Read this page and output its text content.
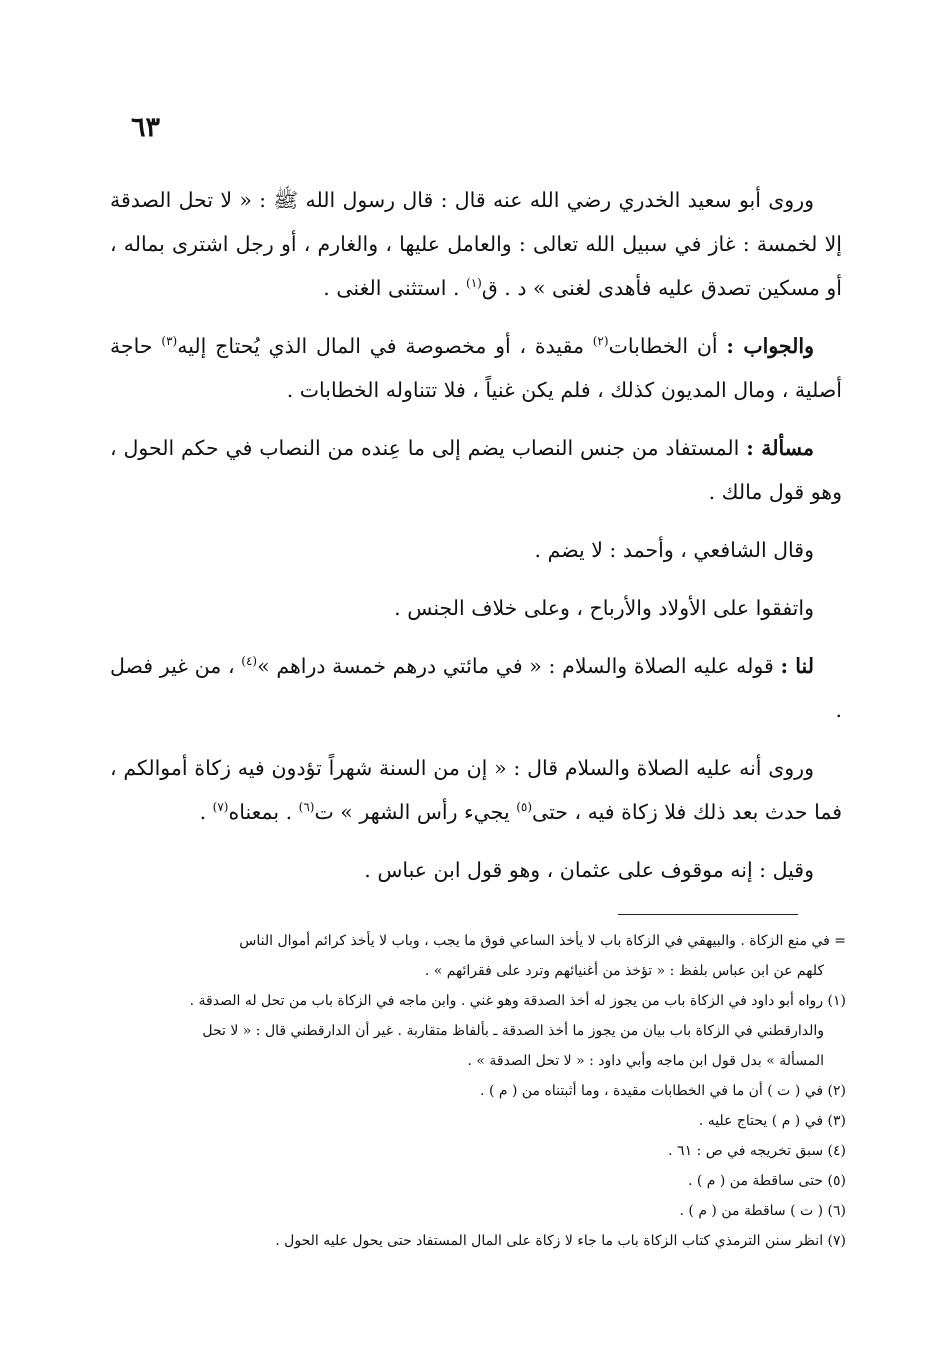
٦٣

وروى أبو سعيد الخدري رضي الله عنه قال : قال رسول الله ﷺ : « لا تحل الصدقة إلا لخمسة : غاز في سبيل الله تعالى : والعامل عليها ، والغارم ، أو رجل اشترى بماله ، أو مسكين تصدق عليه فأهدى لغنى » د . ق$^{(١)}$ . استثنى الغنى .

والجواب : أن الخطابات$^{(٢)}$ مقيدة ، أو مخصوصة في المال الذي يُحتاج إليه$^{(٣)}$ حاجة أصلية ، ومال المديون كذلك ، فلم يكن غنياً ، فلا تتناوله الخطابات .

مسألة : المستفاد من جنس النصاب يضم إلى ما عِنده من النصاب في حكم الحول ، وهو قول مالك .

وقال الشافعي ، وأحمد : لا يضم .

واتفقوا على الأولاد والأرباح ، وعلى خلاف الجنس .

لنا : قوله عليه الصلاة والسلام : « في مائتي درهم خمسة دراهم »$^{(٤)}$ ، من غير فصل .

وروى أنه عليه الصلاة والسلام قال : « إن من السنة شهراً تؤدون فيه زكاة أموالكم ، فما حدث بعد ذلك فلا زكاة فيه ، حتى$^{(٥)}$ يجيء رأس الشهر » ت$^{(٦)}$ . بمعناه$^{(٧)}$ .

وقيل : إنه موقوف على عثمان ، وهو قول ابن عباس .

= في منع الزكاة . والبيهقي في الزكاة باب لا يأخذ الساعي فوق ما يجب ، وباب لا يأخذ كرائم أموال الناس

كلهم عن ابن عباس بلفظ : « تؤخذ من أغنيائهم وترد على فقرائهم » .

(١) رواه أبو داود في الزكاة باب من يجوز له أخذ الصدقة وهو غني . وابن ماجه في الزكاة باب من تحل له الصدقة .

والدارقطني في الزكاة باب بيان من يجوز ما أخذ الصدقة ـ بألفاظ متقاربة . غير أن الدارقطني قال : « لا تحل

المسألة » بدل قول ابن ماجه وأبي داود : « لا تحل الصدقة » .

(٢) في ( ت ) أن ما في الخطابات مقيدة ، وما أثبتناه من ( م ) .

(٣) في ( م ) يحتاج عليه .

(٤) سبق تخريجه في ص : ٦١ .

(٥) حتى ساقطة من ( م ) .

(٦) ( ت ) ساقطة من ( م ) .

(٧) انظر سنن الترمذي كتاب الزكاة باب ما جاء لا زكاة على المال المستفاد حتى يحول عليه الحول .
